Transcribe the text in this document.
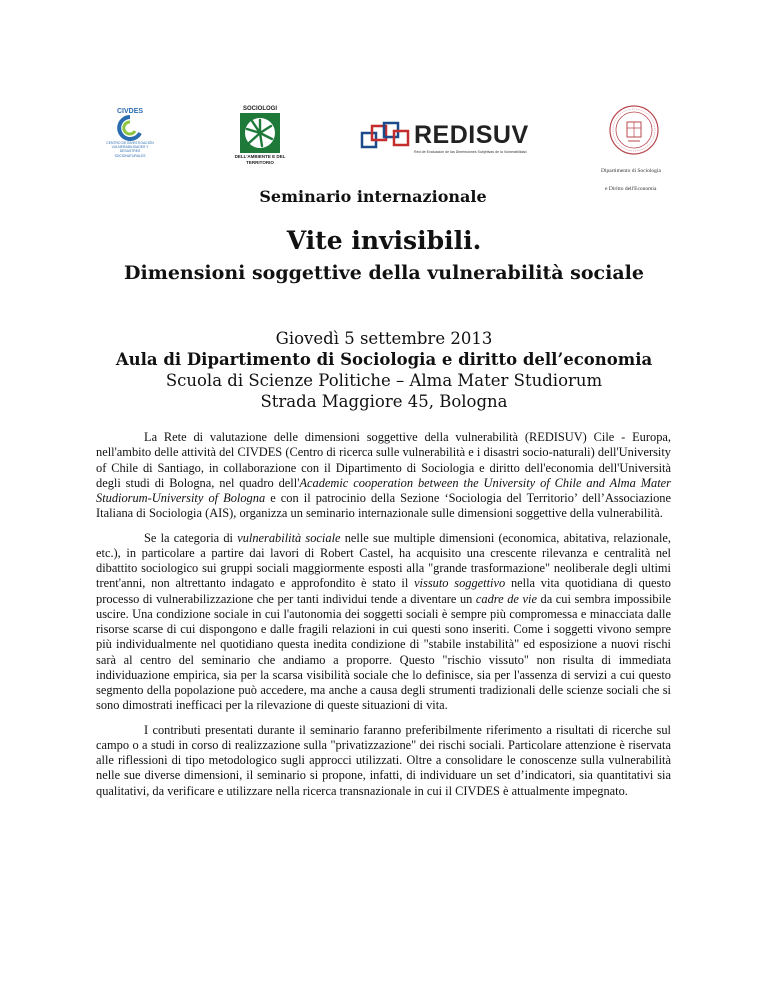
CIVDES
CENTRO DE INVESTIGACIÓN VULNERABILIDADES Y DESASTRES SOCIONATURALES
SOCIOLOGI
DELL'AMBIENTE E DEL TERRITORIO
REDISUV
Red de Evaluación de las Dimensiones Subjetivas de la Vulnerabilidad
Dipartimento di Sociologia
e Diritto dell'Economia
Seminario internazionale
Vite invisibili.
Dimensioni soggettive della vulnerabilità sociale
Giovedì 5 settembre 2013
Aula di Dipartimento di Sociologia e diritto dell’economia
Scuola di Scienze Politiche – Alma Mater Studiorum
Strada Maggiore 45, Bologna

La Rete di valutazione delle dimensioni soggettive della vulnerabilità (REDISUV) Cile - Europa, nell'ambito delle attività del CIVDES (Centro di ricerca sulle vulnerabilità e i disastri socio-naturali) dell'University of Chile di Santiago, in collaborazione con il Dipartimento di Sociologia e diritto dell'economia dell'Università degli studi di Bologna, nel quadro dell'Academic cooperation between the University of Chile and Alma Mater Studiorum-University of Bologna e con il patrocinio della Sezione ‘Sociologia del Territorio’ dell’Associazione Italiana di Sociologia (AIS), organizza un seminario internazionale sulle dimensioni soggettive della vulnerabilità.

Se la categoria di vulnerabilità sociale nelle sue multiple dimensioni (economica, abitativa, relazionale, etc.), in particolare a partire dai lavori di Robert Castel, ha acquisito una crescente rilevanza e centralità nel dibattito sociologico sui gruppi sociali maggiormente esposti alla "grande trasformazione" neoliberale degli ultimi trent'anni, non altrettanto indagato e approfondito è stato il vissuto soggettivo nella vita quotidiana di questo processo di vulnerabilizzazione che per tanti individui tende a diventare un cadre de vie da cui sembra impossibile uscire. Una condizione sociale in cui l'autonomia dei soggetti sociali è sempre più compromessa e minacciata dalle risorse scarse di cui dispongono e dalle fragili relazioni in cui questi sono inseriti. Come i soggetti vivono sempre più individualmente nel quotidiano questa inedita condizione di "stabile instabilità" ed esposizione a nuovi rischi sarà al centro del seminario che andiamo a proporre. Questo "rischio vissuto" non risulta di immediata individuazione empirica, sia per la scarsa visibilità sociale che lo definisce, sia per l'assenza di servizi a cui questo segmento della popolazione può accedere, ma anche a causa degli strumenti tradizionali delle scienze sociali che si sono dimostrati inefficaci per la rilevazione di queste situazioni di vita.

I contributi presentati durante il seminario faranno preferibilmente riferimento a risultati di ricerche sul campo o a studi in corso di realizzazione sulla "privatizzazione" dei rischi sociali. Particolare attenzione è riservata alle riflessioni di tipo metodologico sugli approcci utilizzati. Oltre a consolidare le conoscenze sulla vulnerabilità nelle sue diverse dimensioni, il seminario si propone, infatti, di individuare un set d’indicatori, sia quantitativi sia qualitativi, da verificare e utilizzare nella ricerca transnazionale in cui il CIVDES è attualmente impegnato.
